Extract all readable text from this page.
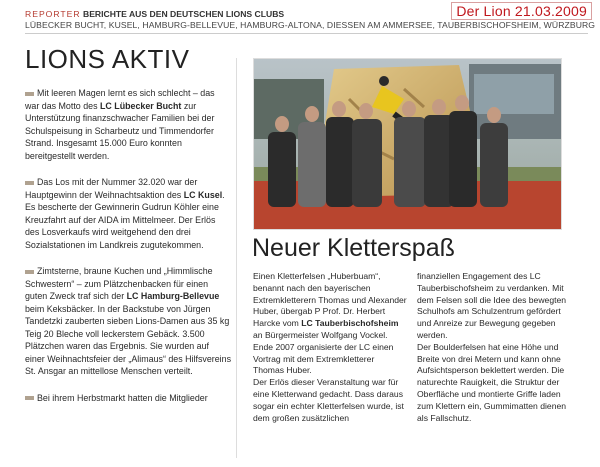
Der Lion 21.03.2009
REPORTER BERICHTE AUS DEN DEUTSCHEN LIONS CLUBS
LÜBECKER BUCHT, KUSEL, HAMBURG-BELLEVUE, HAMBURG-ALTONA, DIESSEN AM AMMERSEE, TAUBERBISCHOFSHEIM, WÜRZBURG
LIONS AKTIV

Mit leeren Magen lernt es sich schlecht – das war das Motto des LC Lübecker Bucht zur Unterstützung finanzschwacher Familien bei der Schulspeisung in Scharbeutz und Timmendorfer Strand. Insgesamt 15.000 Euro konnten bereitgestellt werden.

Das Los mit der Nummer 32.020 war der Hauptgewinn der Weihnachtsaktion des LC Kusel. Es bescherte der Gewinnerin Gudrun Köhler eine Kreuzfahrt auf der AIDA im Mittelmeer. Der Erlös des Losverkaufs wird weitgehend den drei Sozialstationen im Landkreis zugutekommen.

Zimtsterne, braune Kuchen und „Himmlische Schwestern“ – zum Plätzchenbacken für einen guten Zweck traf sich der LC Hamburg-Bellevue beim Keksbäcker. In der Backstube von Jürgen Tandetzki zauberten sieben Lions-Damen aus 35 kg Teig 20 Bleche voll leckerstem Gebäck. 3.500 Plätzchen waren das Ergebnis. Sie wurden auf einer Weihnachtsfeier der „Alimaus“ des Hilfsvereins St. Ansgar an mittellose Menschen verteilt.

Bei ihrem Herbstmarkt hatten die Mitglieder

Neuer Kletterspaß

Einen Kletterfelsen „Huberbuam“, benannt nach den bayerischen Extremkletterern Thomas und Alexander Huber, übergab P Prof. Dr. Herbert Harcke vom LC Tauberbischofsheim an Bürgermeister Wolfgang Vockel. Ende 2007 organisierte der LC einen Vortrag mit dem Extremkletterer Thomas Huber.

Der Erlös dieser Veranstaltung war für eine Kletterwand gedacht. Dass daraus sogar ein echter Kletterfelsen wurde, ist dem großen zusätzlichen

finanziellen Engagement des LC Tauberbischofsheim zu verdanken. Mit dem Felsen soll die Idee des bewegten Schulhofs am Schulzentrum gefördert und Anreize zur Bewegung gegeben werden.

Der Boulderfelsen hat eine Höhe und Breite von drei Metern und kann ohne Aufsichtsperson beklettert werden. Die naturechte Rauigkeit, die Struktur der Oberfläche und montierte Griffe laden zum Klettern ein, Gummimatten dienen als Fallschutz.
